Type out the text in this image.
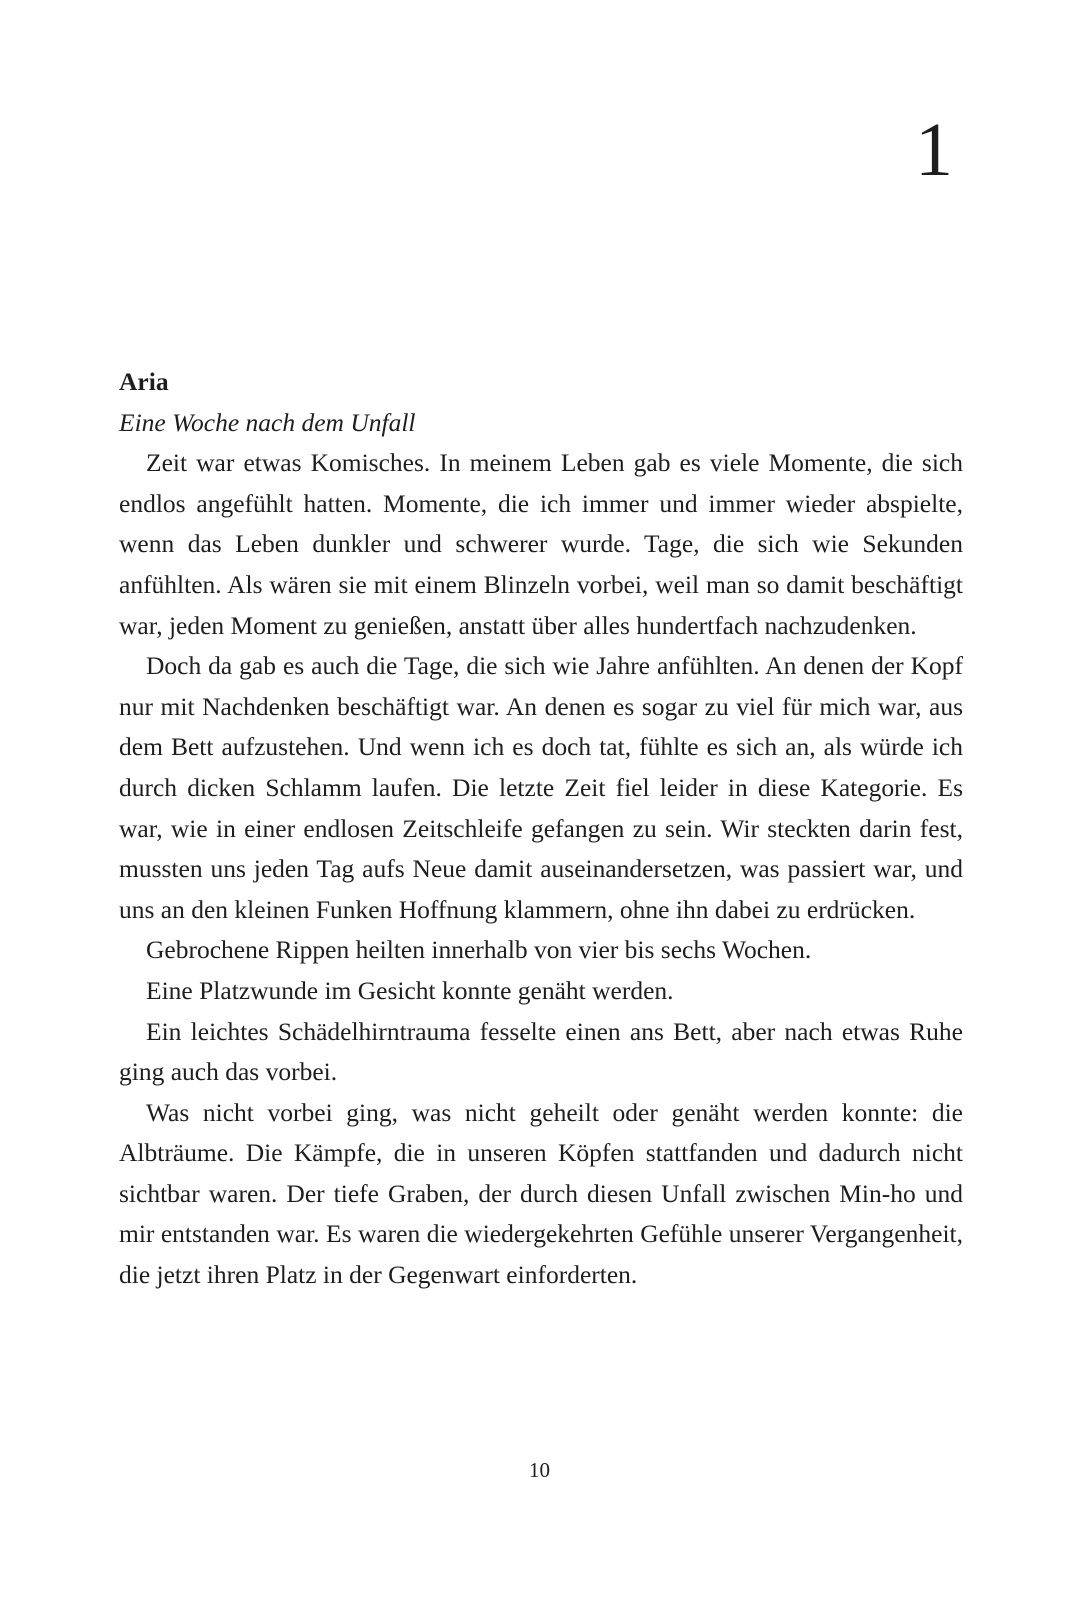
1
Aria
Eine Woche nach dem Unfall

Zeit war etwas Komisches. In meinem Leben gab es viele Momente, die sich endlos angefühlt hatten. Momente, die ich immer und immer wieder abspielte, wenn das Leben dunkler und schwerer wurde. Tage, die sich wie Sekunden anfühlten. Als wären sie mit einem Blinzeln vorbei, weil man so damit beschäftigt war, jeden Moment zu genießen, anstatt über alles hundertfach nachzudenken.

Doch da gab es auch die Tage, die sich wie Jahre anfühlten. An denen der Kopf nur mit Nachdenken beschäftigt war. An denen es sogar zu viel für mich war, aus dem Bett aufzustehen. Und wenn ich es doch tat, fühlte es sich an, als würde ich durch dicken Schlamm laufen. Die letzte Zeit fiel leider in diese Kategorie. Es war, wie in einer endlosen Zeitschleife gefangen zu sein. Wir steckten darin fest, mussten uns jeden Tag aufs Neue damit auseinandersetzen, was passiert war, und uns an den kleinen Funken Hoffnung klammern, ohne ihn dabei zu erdrücken.

Gebrochene Rippen heilten innerhalb von vier bis sechs Wochen.

Eine Platzwunde im Gesicht konnte genäht werden.

Ein leichtes Schädelhirntrauma fesselte einen ans Bett, aber nach etwas Ruhe ging auch das vorbei.

Was nicht vorbei ging, was nicht geheilt oder genäht werden konnte: die Albträume. Die Kämpfe, die in unseren Köpfen stattfanden und dadurch nicht sichtbar waren. Der tiefe Graben, der durch diesen Unfall zwischen Min-ho und mir entstanden war. Es waren die wiedergekehrten Gefühle unserer Vergangenheit, die jetzt ihren Platz in der Gegenwart einforderten.

10
